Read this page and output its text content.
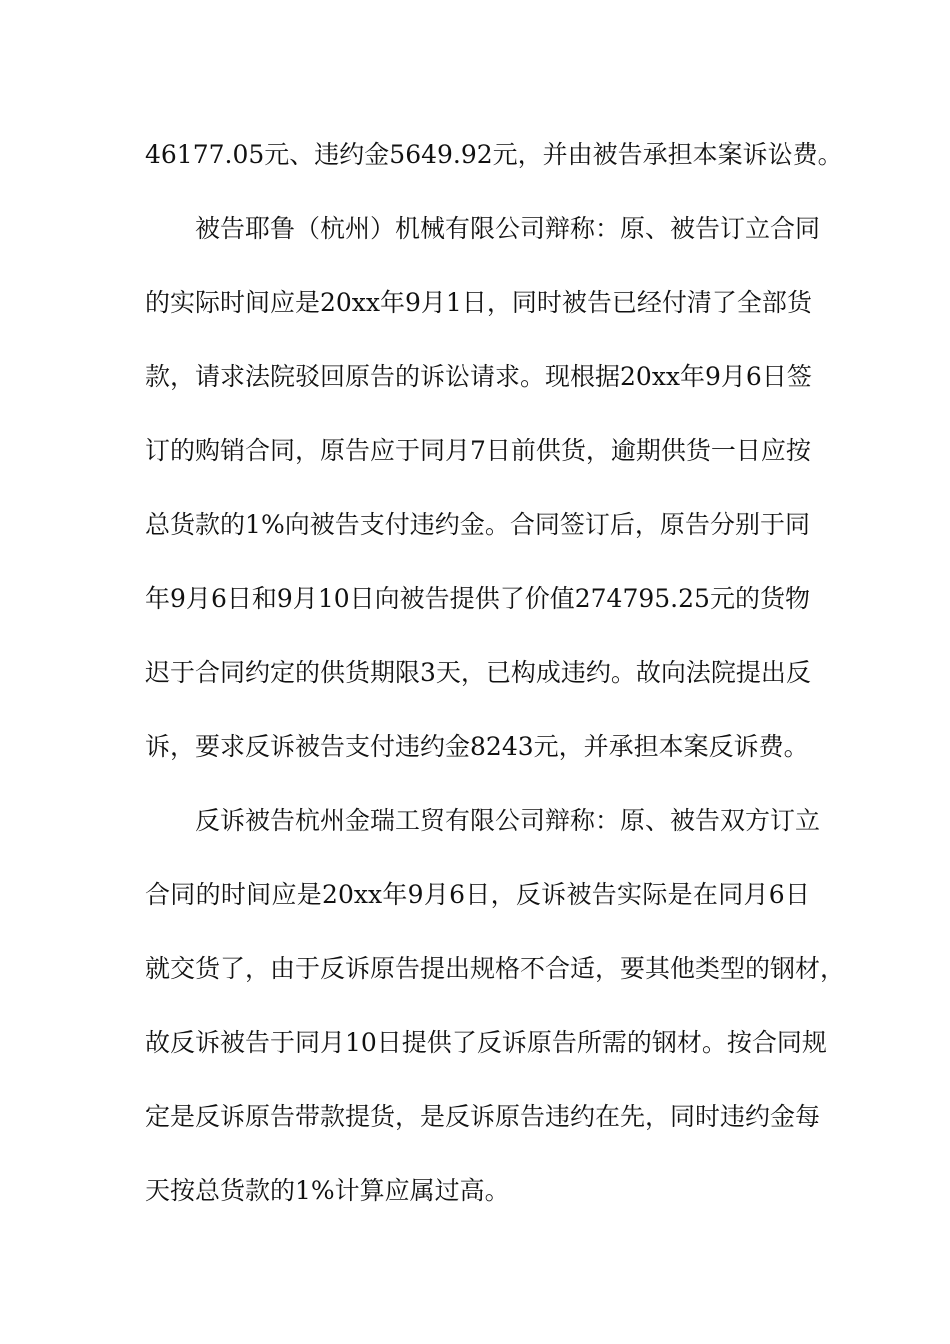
46177.05元、违约金5649.92元，并由被告承担本案诉讼费。
被告耶鲁（杭州）机械有限公司辩称：原、被告订立合同
的实际时间应是20xx年9月1日，同时被告已经付清了全部货
款，请求法院驳回原告的诉讼请求。现根据20xx年9月6日签
订的购销合同，原告应于同月7日前供货，逾期供货一日应按
总货款的1%向被告支付违约金。合同签订后，原告分别于同
年9月6日和9月10日向被告提供了价值274795.25元的货物
迟于合同约定的供货期限3天，已构成违约。故向法院提出反
诉，要求反诉被告支付违约金8243元，并承担本案反诉费。
反诉被告杭州金瑞工贸有限公司辩称：原、被告双方订立
合同的时间应是20xx年9月6日，反诉被告实际是在同月6日
就交货了，由于反诉原告提出规格不合适，要其他类型的钢材，
故反诉被告于同月10日提供了反诉原告所需的钢材。按合同规
定是反诉原告带款提货，是反诉原告违约在先，同时违约金每
天按总货款的1%计算应属过高。
